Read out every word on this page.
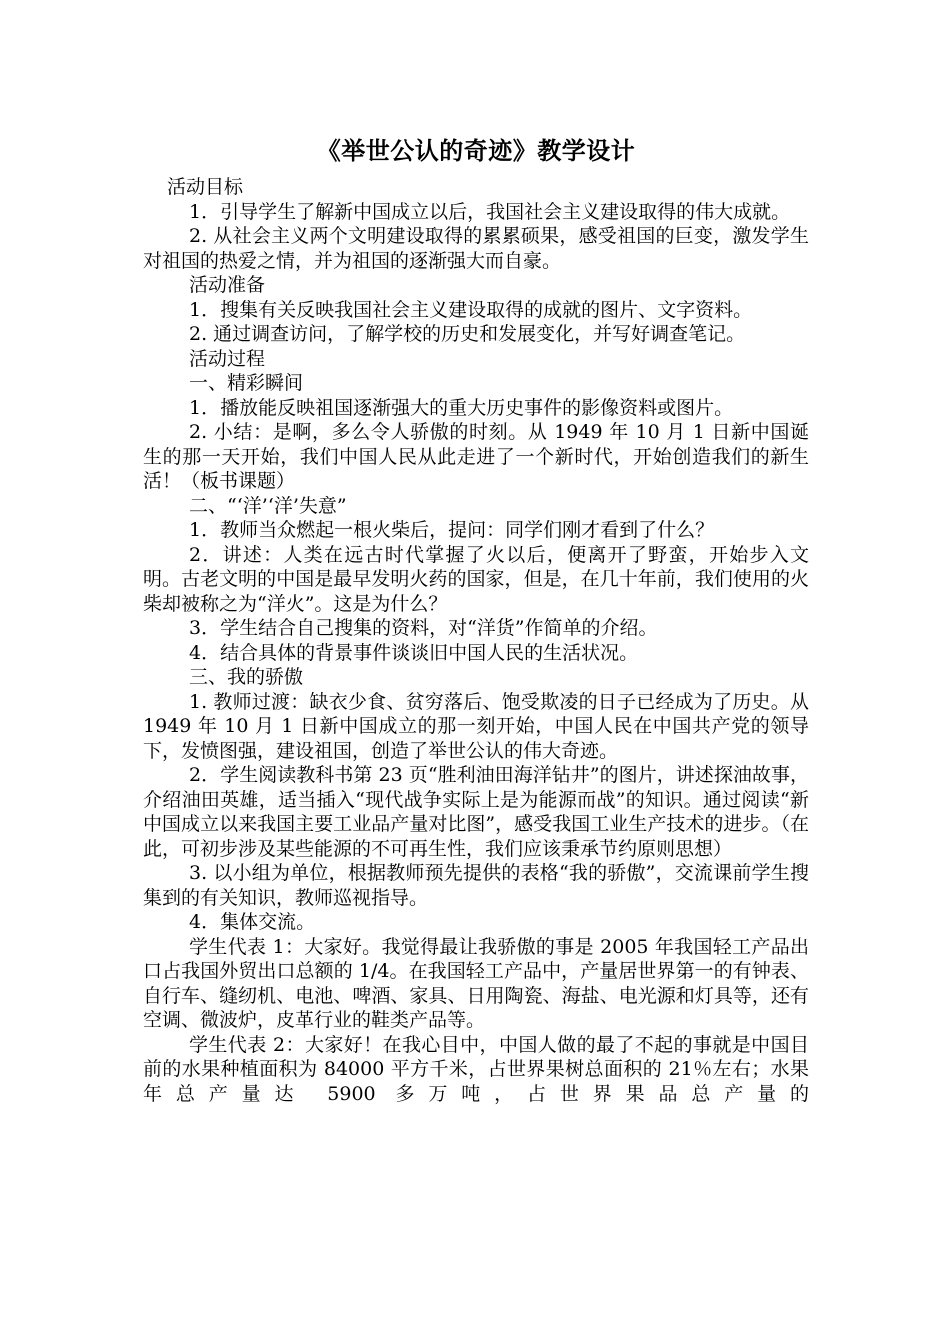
《举世公认的奇迹》教学设计

活动目标

1．引导学生了解新中国成立以后，我国社会主义建设取得的伟大成就。

2. 从社会主义两个文明建设取得的累累硕果，感受祖国的巨变，激发学生对祖国的热爱之情，并为祖国的逐渐强大而自豪。

活动准备

1．搜集有关反映我国社会主义建设取得的成就的图片、文字资料。

2. 通过调查访问，了解学校的历史和发展变化，并写好调查笔记。

活动过程

一、精彩瞬间

1．播放能反映祖国逐渐强大的重大历史事件的影像资料或图片。

2. 小结：是啊，多么令人骄傲的时刻。从 1949 年 10 月 1 日新中国诞生的那一天开始，我们中国人民从此走进了一个新时代，开始创造我们的新生活！（板书课题）

二、“‘洋’‘洋’失意”

1．教师当众燃起一根火柴后，提问：同学们刚才看到了什么？

2．讲述：人类在远古时代掌握了火以后，便离开了野蛮，开始步入文明。古老文明的中国是最早发明火药的国家，但是，在几十年前，我们使用的火柴却被称之为“洋火”。这是为什么？

3．学生结合自己搜集的资料，对“洋货”作简单的介绍。

4．结合具体的背景事件谈谈旧中国人民的生活状况。

三、我的骄傲

1. 教师过渡：缺衣少食、贫穷落后、饱受欺凌的日子已经成为了历史。从 1949 年 10 月 1 日新中国成立的那一刻开始，中国人民在中国共产党的领导下，发愤图强，建设祖国，创造了举世公认的伟大奇迹。

2．学生阅读教科书第 23 页“胜利油田海洋钻井”的图片，讲述探油故事，介绍油田英雄，适当插入“现代战争实际上是为能源而战”的知识。通过阅读“新中国成立以来我国主要工业品产量对比图”，感受我国工业生产技术的进步。（在此，可初步涉及某些能源的不可再生性，我们应该秉承节约原则思想）

3. 以小组为单位，根据教师预先提供的表格“我的骄傲”，交流课前学生搜集到的有关知识，教师巡视指导。

4．集体交流。

学生代表 1：大家好。我觉得最让我骄傲的事是 2005 年我国轻工产品出口占我国外贸出口总额的 1/4。在我国轻工产品中，产量居世界第一的有钟表、自行车、缝纫机、电池、啤酒、家具、日用陶瓷、海盐、电光源和灯具等，还有空调、微波炉，皮革行业的鞋类产品等。

学生代表 2：大家好！在我心目中，中国人做的最了不起的事就是中国目前的水果种植面积为 84000 平方千米，占世界果树总面积的 21％左右；水果年总产量达 5900 多万吨，占世界果品总产量的
